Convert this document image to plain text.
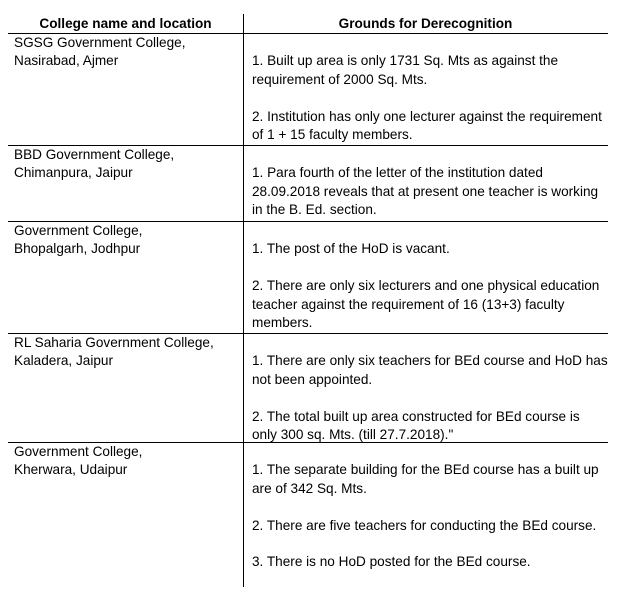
College name and location	Grounds for Derecognition
SGSG Government College,
Nasirabad, Ajmer	1. Built up area is only 1731 Sq. Mts as against the requirement of 2000 Sq. Mts.

2. Institution has only one lecturer against the requirement of 1 + 15 faculty members.

BBD Government College,
Chimanpura, Jaipur	1. Para fourth of the letter of the institution dated 28.09.2018 reveals that at present one teacher is working in the B. Ed. section.

Government College,
Bhopalgarh, Jodhpur	1. The post of the HoD is vacant.

2. There are only six lecturers and one physical education teacher against the requirement of 16 (13+3) faculty members.

RL Saharia Government College,
Kaladera, Jaipur	1. There are only six teachers for BEd course and HoD has not been appointed.

2. The total built up area constructed for BEd course is only 300 sq. Mts. (till 27.7.2018)."

Government College,
Kherwara, Udaipur	1. The separate building for the BEd course has a built up are of 342 Sq. Mts.

2. There are five teachers for conducting the BEd course.

3. There is no HoD posted for the BEd course.
